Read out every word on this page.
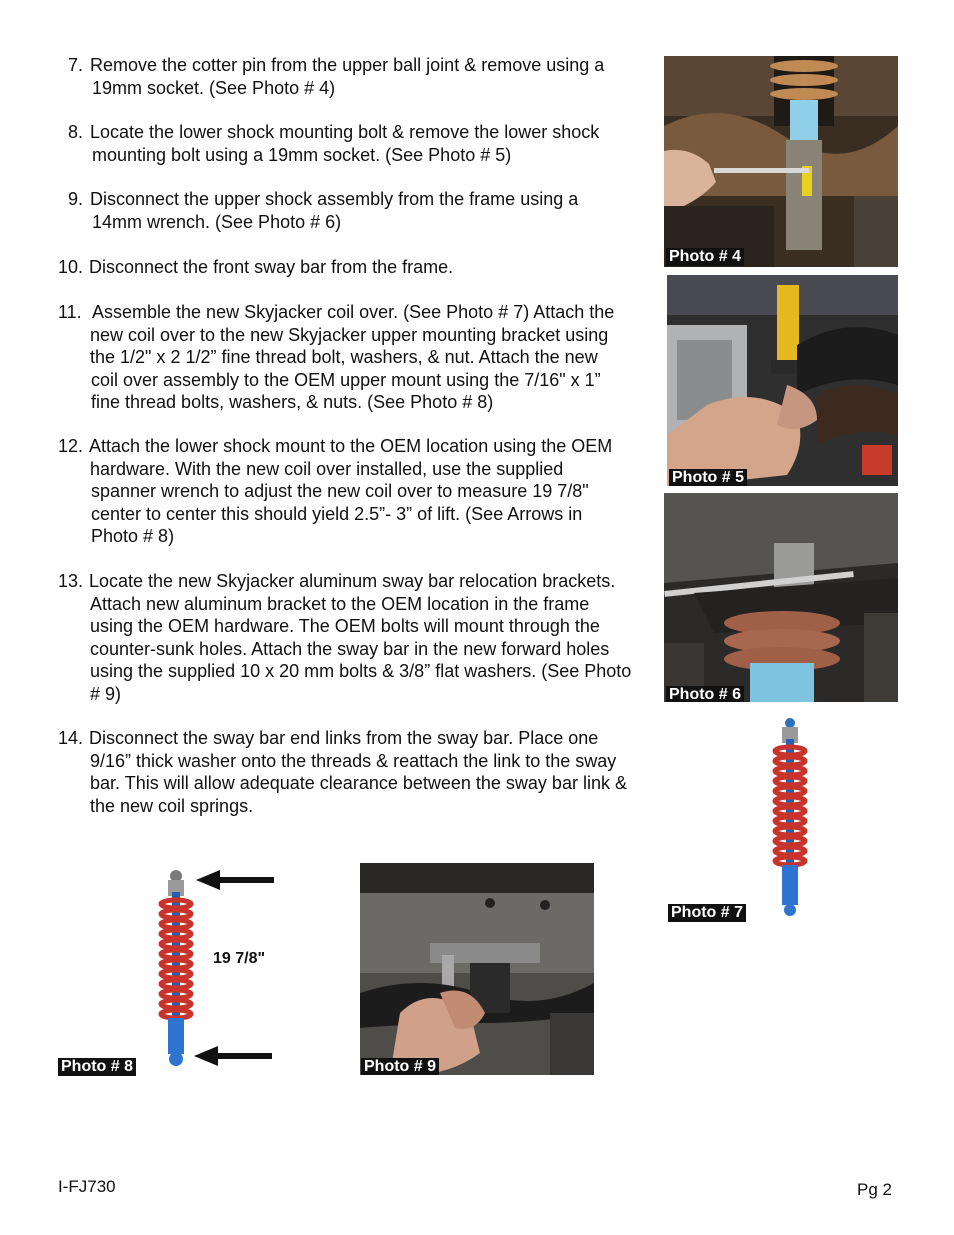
7. Remove the cotter pin from the upper ball joint & remove using a
19mm socket. (See Photo # 4)
8. Locate the lower shock mounting bolt & remove the lower shock
mounting bolt using a 19mm socket. (See Photo # 5)
9. Disconnect the upper shock assembly from the frame using a
14mm wrench. (See Photo # 6)
10. Disconnect the front sway bar from the frame.
11. Assemble the new Skyjacker coil over. (See Photo # 7) Attach the
new coil over to the new Skyjacker upper mounting bracket using
the 1/2" x 2 1/2” fine thread bolt, washers, & nut. Attach the new
coil over assembly to the OEM upper mount using the 7/16" x 1”
fine thread bolts, washers, & nuts. (See Photo # 8)
12. Attach the lower shock mount to the OEM location using the OEM
hardware. With the new coil over installed, use the supplied
spanner wrench to adjust the new coil over to measure 19 7/8"
center to center this should yield 2.5”- 3” of lift. (See Arrows in
Photo # 8)
13. Locate the new Skyjacker aluminum sway bar relocation brackets.
Attach new aluminum bracket to the OEM location in the frame
using the OEM hardware. The OEM bolts will mount through the
counter-sunk holes. Attach the sway bar in the new forward holes
using the supplied 10 x 20 mm bolts & 3/8” flat washers. (See Photo
# 9)
14. Disconnect the sway bar end links from the sway bar. Place one
9/16” thick washer onto the threads & reattach the link to the sway
bar. This will allow adequate clearance between the sway bar link &
the new coil springs.
Photo # 4
Photo # 5
Photo # 6
Photo # 7
19 7/8"
Photo # 8	Photo # 9
I-FJ730	Pg 2
